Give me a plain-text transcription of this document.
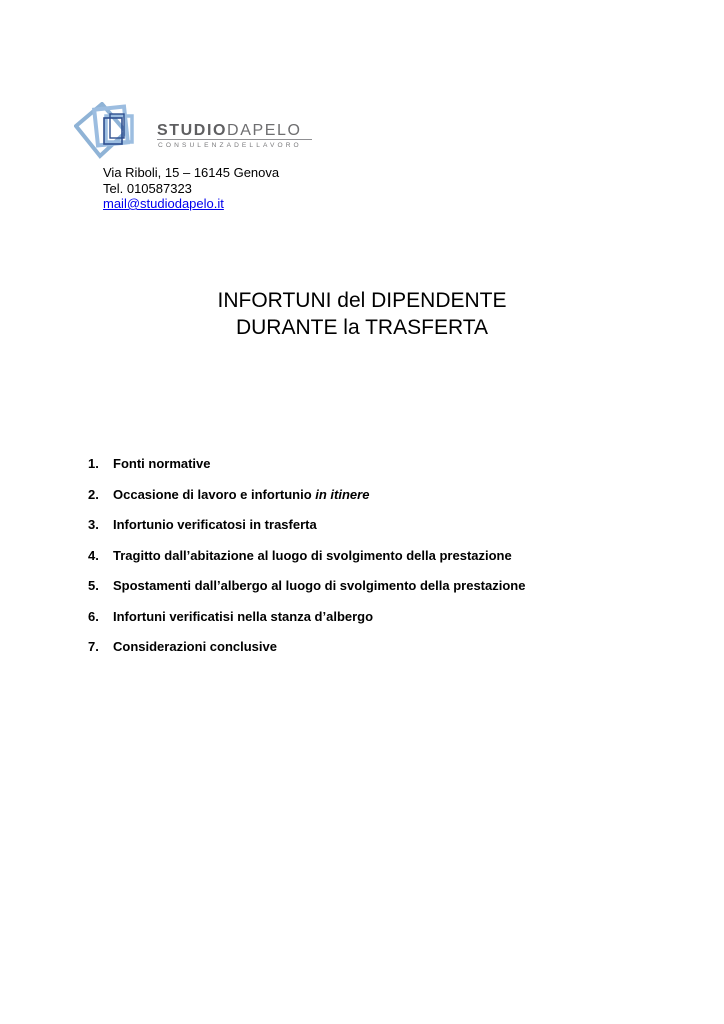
STUDIODAPELO
CONSULENZADELLAVORO
Via Riboli, 15 – 16145 Genova
Tel. 010587323
mail@studiodapelo.it
INFORTUNI del DIPENDENTE
DURANTE la TRASFERTA
1. Fonti normative
2. Occasione di lavoro e infortunio in itinere
3. Infortunio verificatosi in trasferta
4. Tragitto dall’abitazione al luogo di svolgimento della prestazione
5. Spostamenti dall’albergo al luogo di svolgimento della prestazione
6. Infortuni verificatisi nella stanza d’albergo
7. Considerazioni conclusive
